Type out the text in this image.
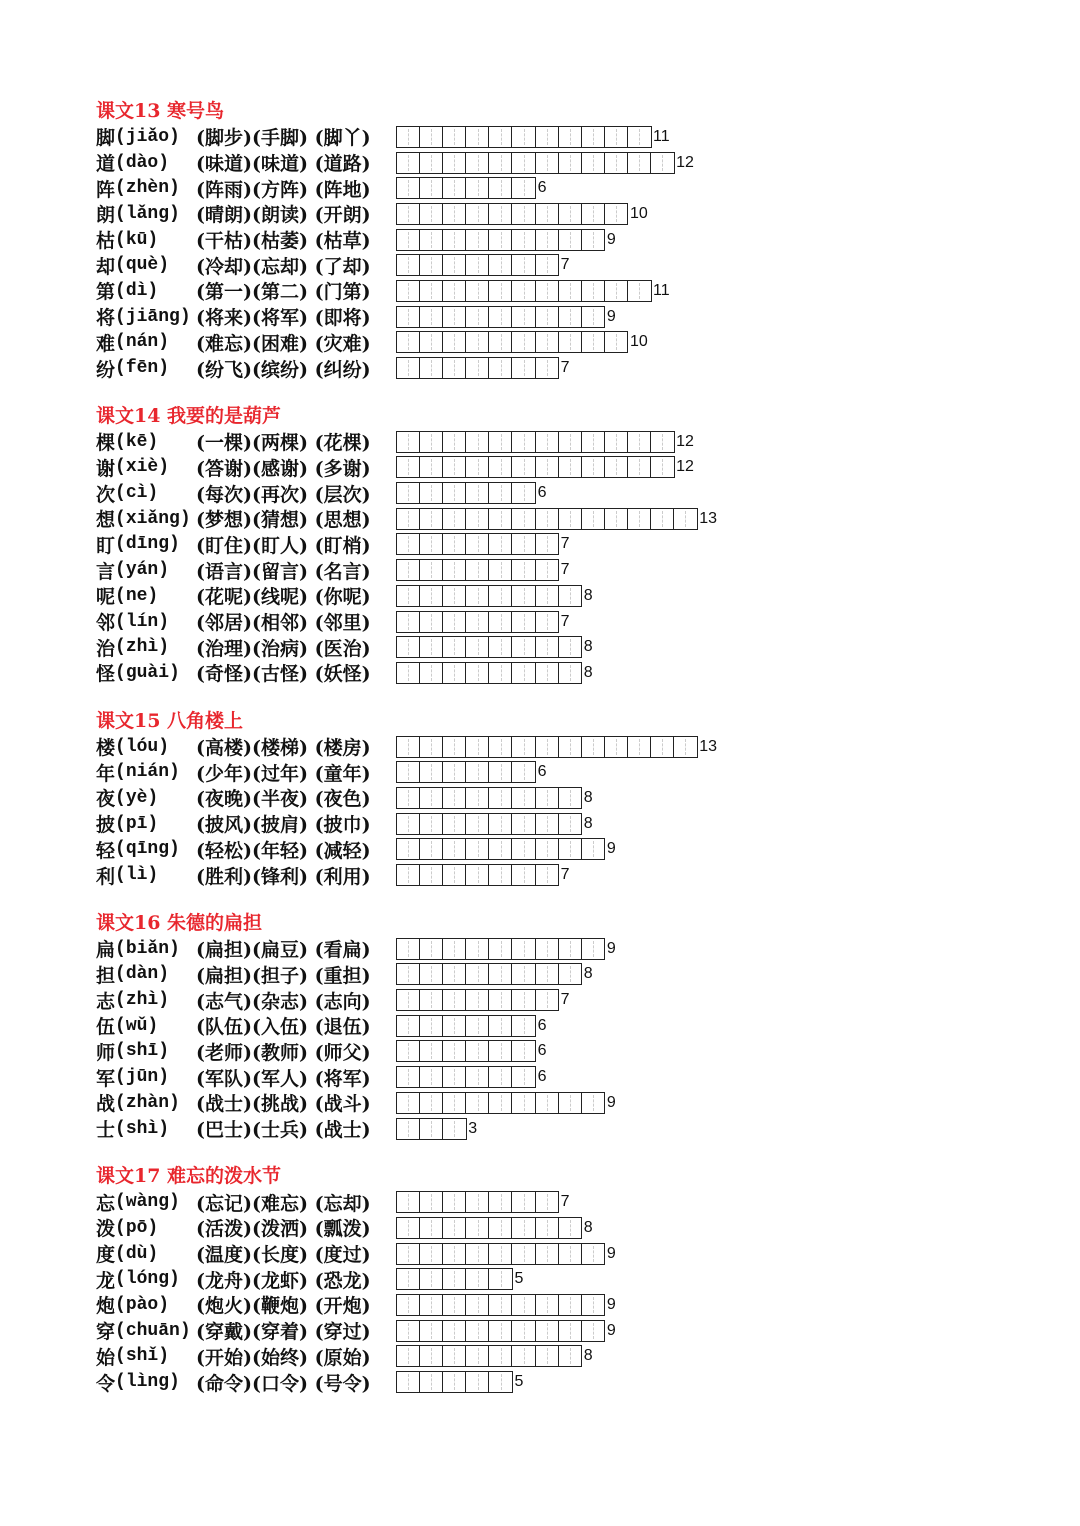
课文13 寒号鸟
脚 (jiǎo) (脚步)(手脚) (脚丫)	11
道 (dào) (味道)(味道) (道路)	12
阵 (zhèn) (阵雨)(方阵) (阵地)	6
朗 (lǎng) (晴朗)(朗读) (开朗)	10
枯 (kū) (干枯)(枯萎) (枯草)	9
却 (què) (冷却)(忘却) (了却)	7
第 (dì) (第一)(第二) (门第)	11
将 (jiāng) (将来)(将军) (即将)	9
难 (nán) (难忘)(困难) (灾难)	10
纷 (fēn) (纷飞)(缤纷) (纠纷)	7
课文14 我要的是葫芦
棵 (kē) (一棵)(两棵) (花棵)	12
谢 (xiè) (答谢)(感谢) (多谢)	12
次 (cì) (每次)(再次) (层次)	6
想 (xiǎng) (梦想)(猜想) (思想)	13
盯 (dīng) (盯住)(盯人) (盯梢)	7
言 (yán) (语言)(留言) (名言)	7
呢 (ne) (花呢)(线呢) (你呢)	8
邻 (lín) (邻居)(相邻) (邻里)	7
治 (zhì) (治理)(治病) (医治)	8
怪 (guài) (奇怪)(古怪) (妖怪)	8
课文15 八角楼上
楼 (lóu) (高楼)(楼梯) (楼房)	13
年 (nián) (少年)(过年) (童年)	6
夜 (yè) (夜晚)(半夜) (夜色)	8
披 (pī) (披风)(披肩) (披巾)	8
轻 (qīng) (轻松)(年轻) (减轻)	9
利 (lì) (胜利)(锋利) (利用)	7
课文16 朱德的扁担
扁 (biǎn) (扁担)(扁豆) (看扁)	9
担 (dàn) (扁担)(担子) (重担)	8
志 (zhì) (志气)(杂志) (志向)	7
伍 (wǔ) (队伍)(入伍) (退伍)	6
师 (shī) (老师)(教师) (师父)	6
军 (jūn) (军队)(军人) (将军)	6
战 (zhàn) (战士)(挑战) (战斗)	9
士 (shì) (巴士)(士兵) (战士)	3
课文17 难忘的泼水节
忘 (wàng) (忘记)(难忘) (忘却)	7
泼 (pō) (活泼)(泼洒) (瓢泼)	8
度 (dù) (温度)(长度) (度过)	9
龙 (lóng) (龙舟)(龙虾) (恐龙)	5
炮 (pào) (炮火)(鞭炮) (开炮)	9
穿 (chuān) (穿戴)(穿着) (穿过)	9
始 (shǐ) (开始)(始终) (原始)	8
令 (lìng) (命令)(口令) (号令)	5
